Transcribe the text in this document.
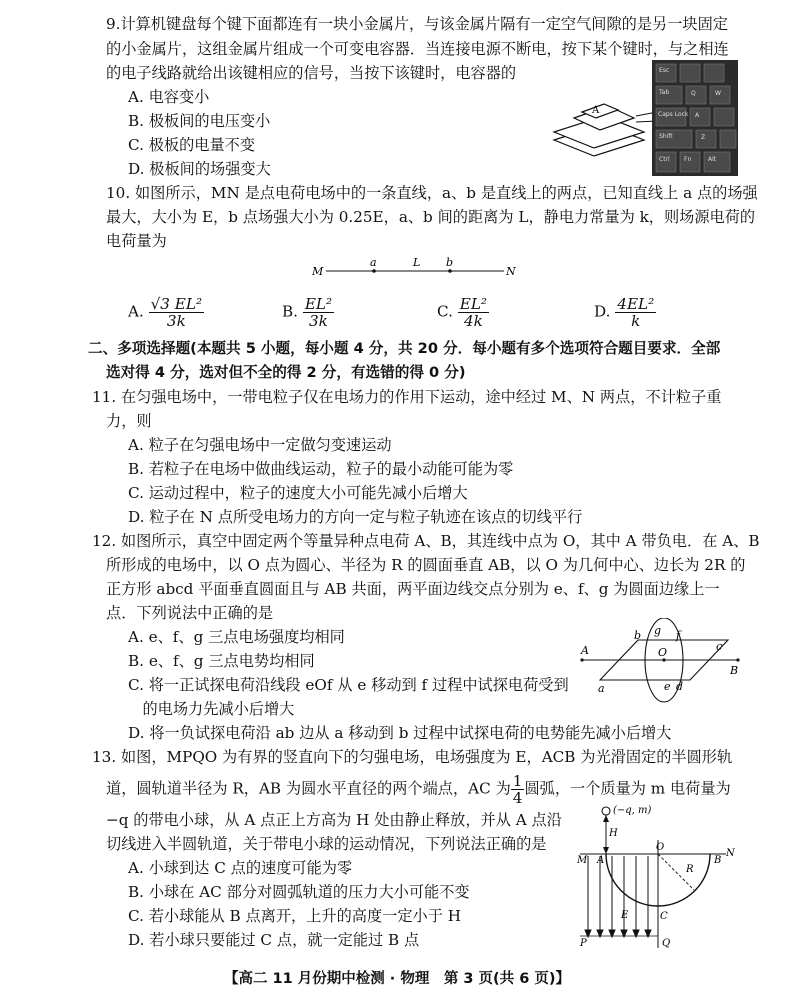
9.计算机键盘每个键下面都连有一块小金属片，与该金属片隔有一定空气间隙的是另一块固定
的小金属片，这组金属片组成一个可变电容器．当连接电源不断电，按下某个键时，与之相连
的电子线路就给出该键相应的信号，当按下该键时，电容器的
A. 电容变小
B. 极板间的电压变小
C. 极板的电量不变
D. 极板间的场强变大
A
Esc
Tab
Caps Lock
Shift
Ctrl Fn	Alt
Q	W
A
Z
10. 如图所示，MN 是点电荷电场中的一条直线，a、b 是直线上的两点，已知直线上 a 点的场强
最大，大小为 E，b 点场强大小为 0.25E，a、b 间的距离为 L，静电力常量为 k，则场源电荷的
电荷量为
M
a	L b
N
A. $\frac{\text{√3 EL²}}{3k}$	B. $\frac{\text{EL²}}{3k}$	C. $\frac{\text{EL²}}{4k}$	D. $\frac{\text{4EL²}}{k}$
二、多项选择题(本题共 5 小题，每小题 4 分，共 20 分．每小题有多个选项符合题目要求．全部
选对得 4 分，选对但不全的得 2 分，有选错的得 0 分)
11. 在匀强电场中，一带电粒子仅在电场力的作用下运动，途中经过 M、N 两点，不计粒子重
力，则
A. 粒子在匀强电场中一定做匀变速运动
B. 若粒子在电场中做曲线运动，粒子的最小动能可能为零
C. 运动过程中，粒子的速度大小可能先减小后增大
D. 粒子在 N 点所受电场力的方向一定与粒子轨迹在该点的切线平行
12. 如图所示，真空中固定两个等量异种点电荷 A、B，其连线中点为 O，其中 A 带负电．在 A、B
所形成的电场中，以 O 点为圆心、半径为 R 的圆面垂直 AB，以 O 为几何中心、边长为 2R 的
正方形 abcd 平面垂直圆面且与 AB 共面，两平面边线交点分别为 e、f、g 为圆面边缘上一
点．下列说法中正确的是
A. e、f、g 三点电场强度均相同
B. e、f、g 三点电势均相同
C. 将一正试探电荷沿线段 eOf 从 e 移动到 f 过程中试探电荷受到
的电场力先减小后增大
D. 将一负试探电荷沿 ab 边从 a 移动到 b 过程中试探电荷的电势能先减小后增大
A
B
a
b
c
d
e
f
g
O
13. 如图，MPQO 为有界的竖直向下的匀强电场，电场强度为 E，ACB 为光滑固定的半圆形轨
道，圆轨道半径为 R，AB 为圆水平直径的两个端点，AC 为 $\frac{1}{4}$ 圆弧，一个质量为 m 电荷量为
−q 的带电小球，从 A 点正上方高为 H 处由静止释放，并从 A 点沿
切线进入半圆轨道，关于带电小球的运动情况，下列说法正确的是
A. 小球到达 C 点的速度可能为零
B. 小球在 AC 部分对圆弧轨道的压力大小可能不变
C. 若小球能从 B 点离开，上升的高度一定小于 H
D. 若小球只要能过 C 点，就一定能过 B 点
(−q, m)
H
M A
O
B
N
R
E	C
P	Q
【高二 11 月份期中检测 · 物理　第 3 页(共 6 页)】
